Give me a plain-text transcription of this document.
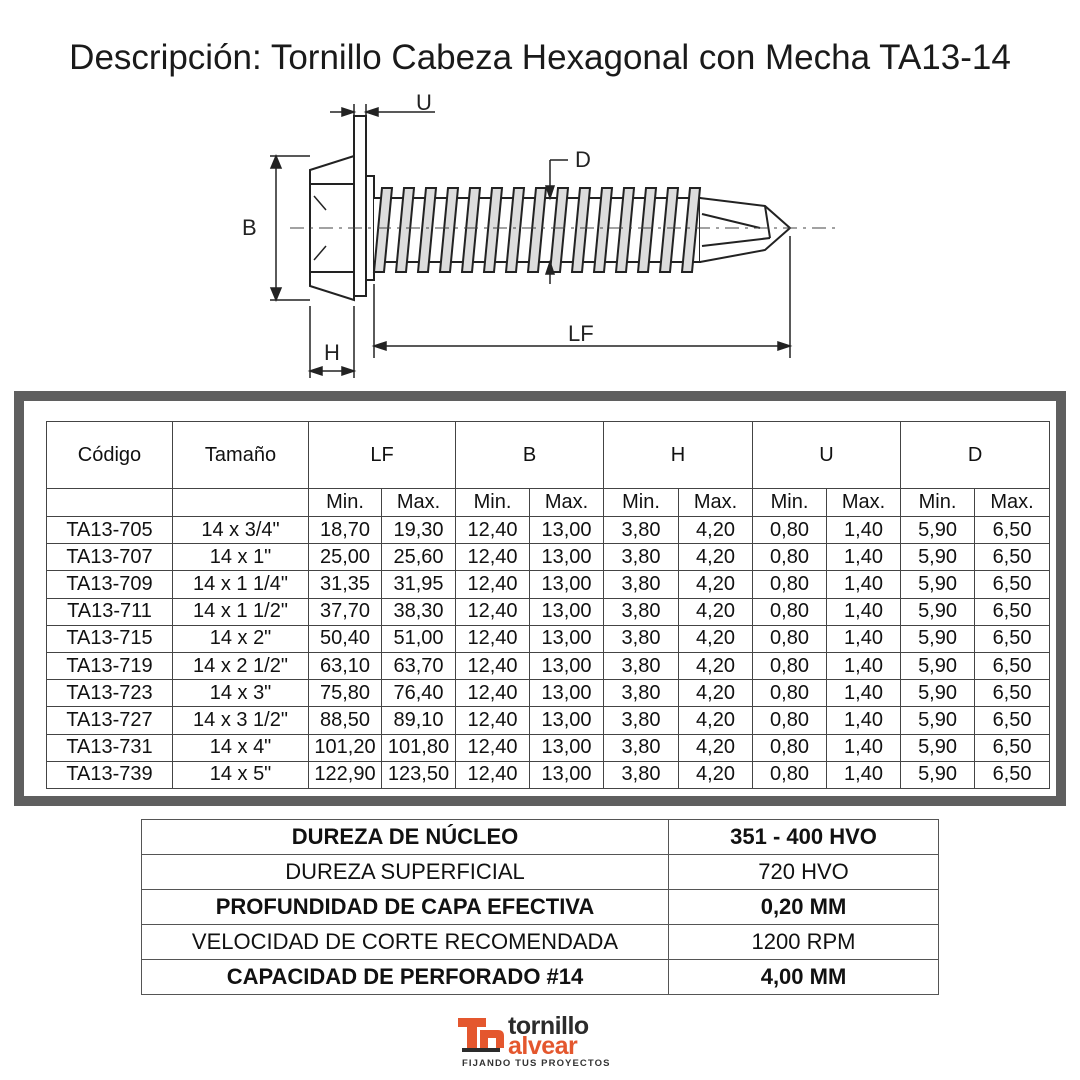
Descripción: Tornillo Cabeza Hexagonal con Mecha TA13-14
U
D
B
H
LF
Código	Tamaño	LF		B		H		U		D	
		Min.	Max.	Min.	Max.	Min.	Max.	Min.	Max.	Min.	Max.
TA13-705	14 x 3/4"	18,70	19,30	12,40	13,00	3,80	4,20	0,80	1,40	5,90	6,50
TA13-707	14 x 1"	25,00	25,60	12,40	13,00	3,80	4,20	0,80	1,40	5,90	6,50
TA13-709	14 x 1 1/4"	31,35	31,95	12,40	13,00	3,80	4,20	0,80	1,40	5,90	6,50
TA13-711	14 x 1 1/2"	37,70	38,30	12,40	13,00	3,80	4,20	0,80	1,40	5,90	6,50
TA13-715	14 x 2"	50,40	51,00	12,40	13,00	3,80	4,20	0,80	1,40	5,90	6,50
TA13-719	14 x 2 1/2"	63,10	63,70	12,40	13,00	3,80	4,20	0,80	1,40	5,90	6,50
TA13-723	14 x 3"	75,80	76,40	12,40	13,00	3,80	4,20	0,80	1,40	5,90	6,50
TA13-727	14 x 3 1/2"	88,50	89,10	12,40	13,00	3,80	4,20	0,80	1,40	5,90	6,50
TA13-731	14 x 4"	101,20	101,80	12,40	13,00	3,80	4,20	0,80	1,40	5,90	6,50
TA13-739	14 x 5"	122,90	123,50	12,40	13,00	3,80	4,20	0,80	1,40	5,90	6,50
DUREZA DE NÚCLEO	351 - 400 HVO
DUREZA SUPERFICIAL	720 HVO
PROFUNDIDAD DE CAPA EFECTIVA	0,20 MM
VELOCIDAD DE CORTE RECOMENDADA	1200 RPM
CAPACIDAD DE PERFORADO #14	4,00 MM
tornillo
alvear
FIJANDO TUS PROYECTOS
